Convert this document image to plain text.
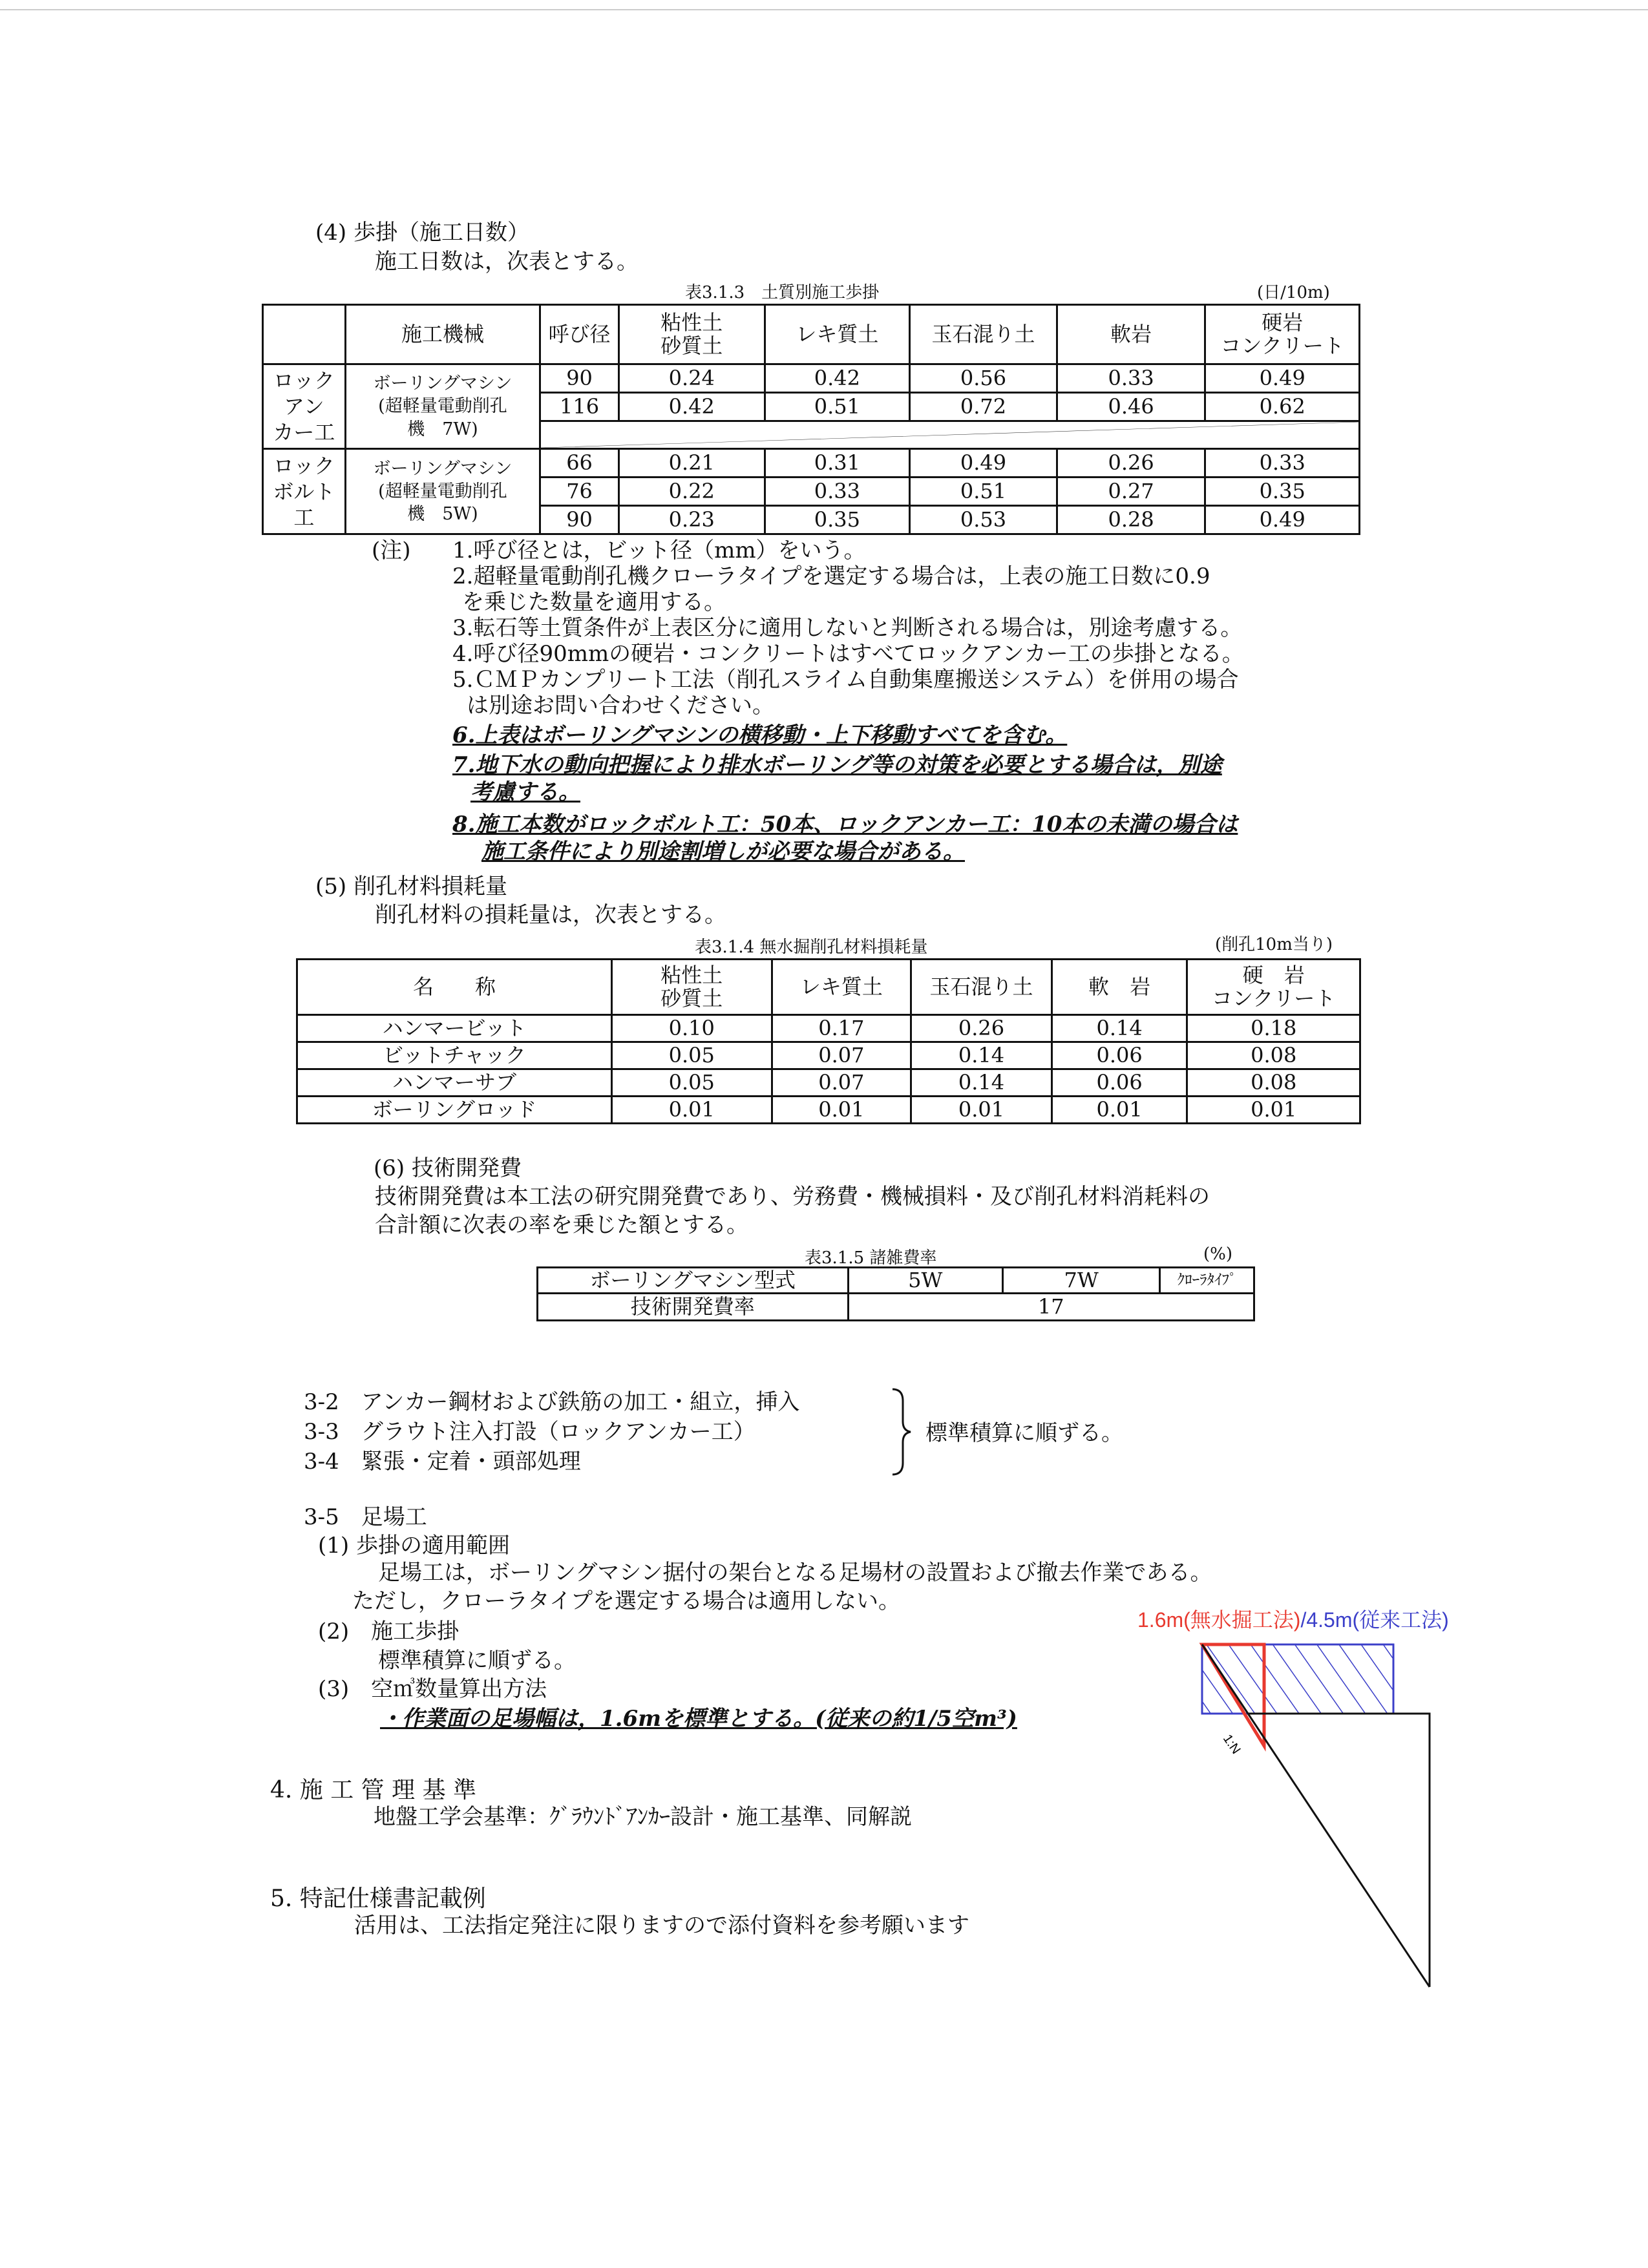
(4) 歩掛（施工日数）
施工日数は，次表とする。
表3.1.3　土質別施工歩掛	(日/10m)
	施工機械	呼び径	粘性土
砂質土	レキ質土	玉石混り土	軟岩	硬岩
コンクリート
ロック
アン
カー工	ボーリングマシン
(超軽量電動削孔
機　7W)	90	0.24	0.42	0.56	0.33	0.49
		116	0.42	0.51	0.72	0.46	0.62

ロック
ボルト
工	ボーリングマシン
(超軽量電動削孔
機　5W)	66	0.21	0.31	0.49	0.26	0.33
		76	0.22	0.33	0.51	0.27	0.35
		90	0.23	0.35	0.53	0.28	0.49
(注) 1.呼び径とは，ビット径（mm）をいう。
2.超軽量電動削孔機クローラタイプを選定する場合は，上表の施工日数に0.9
を乗じた数量を適用する。
3.転石等土質条件が上表区分に適用しないと判断される場合は，別途考慮する。
4.呼び径90mmの硬岩・コンクリートはすべてロックアンカー工の歩掛となる。
5.ＣＭＰカンプリート工法（削孔スライム自動集塵搬送システム）を併用の場合
は別途お問い合わせください。
6.上表はボーリングマシンの横移動・上下移動すべてを含む。
7.地下水の動向把握により排水ボーリング等の対策を必要とする場合は，別途
考慮する。
8.施工本数がロックボルト工：50本、ロックアンカー工：10本の未満の場合は
施工条件により別途割増しが必要な場合がある。
(5) 削孔材料損耗量
削孔材料の損耗量は，次表とする。
表3.1.4 無水掘削孔材料損耗量	(削孔10m当り)
名　　称	粘性土
砂質土	レキ質土	玉石混り土	軟　岩	硬　岩
コンクリート
ハンマービット	0.10	0.17	0.26	0.14	0.18
ビットチャック	0.05	0.07	0.14	0.06	0.08
ハンマーサブ	0.05	0.07	0.14	0.06	0.08
ボーリングロッド	0.01	0.01	0.01	0.01	0.01
(6) 技術開発費
技術開発費は本工法の研究開発費であり、労務費・機械損料・及び削孔材料消耗料の
合計額に次表の率を乗じた額とする。
表3.1.5 諸雑費率	(%)
ボーリングマシン型式	5W	7W	ｸﾛｰﾗﾀｲﾌﾟ
技術開発費率	17		
3-2　アンカー鋼材および鉄筋の加工・組立，挿入
3-3　グラウト注入打設（ロックアンカー工）
3-4　緊張・定着・頭部処理
標準積算に順ずる。
3-5　足場工
(1) 歩掛の適用範囲
足場工は，ボーリングマシン据付の架台となる足場材の設置および撤去作業である。
ただし，クローラタイプを選定する場合は適用しない。
(2)　施工歩掛
標準積算に順ずる。
(3)　空㎥数量算出方法
・作業面の足場幅は，1.6mを標準とする。(従来の約1/5空m³)
1.6m(無水掘工法)/4.5m(従来工法)
1:N
4. 施 工 管 理 基 準
地盤工学会基準：ｸﾞﾗｳﾝﾄﾞｱﾝｶｰ設計・施工基準、同解説
5. 特記仕様書記載例
活用は、工法指定発注に限りますので添付資料を参考願います
